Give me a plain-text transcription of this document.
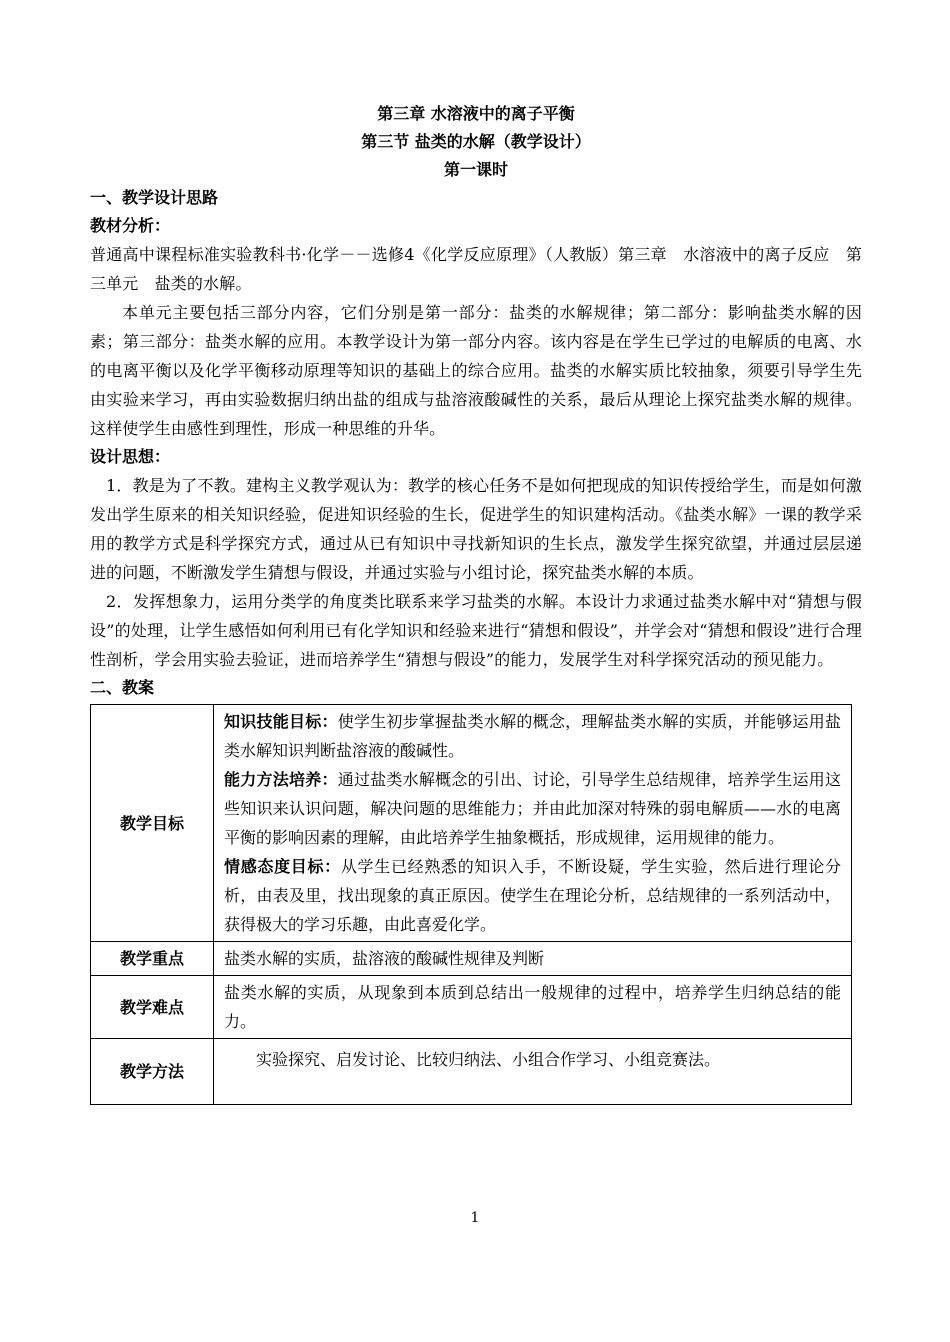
第三章 水溶液中的离子平衡
第三节 盐类的水解（教学设计）
第一课时
一、教学设计思路
教材分析：

普通高中课程标准实验教科书·化学－－选修4《化学反应原理》（人教版）第三章　水溶液中的离子反应　第三单元　盐类的水解。

本单元主要包括三部分内容，它们分别是第一部分：盐类的水解规律；第二部分：影响盐类水解的因素；第三部分：盐类水解的应用。本教学设计为第一部分内容。该内容是在学生已学过的电解质的电离、水的电离平衡以及化学平衡移动原理等知识的基础上的综合应用。盐类的水解实质比较抽象，须要引导学生先由实验来学习，再由实验数据归纳出盐的组成与盐溶液酸碱性的关系，最后从理论上探究盐类水解的规律。这样使学生由感性到理性，形成一种思维的升华。

设计思想：

1．教是为了不教。建构主义教学观认为：教学的核心任务不是如何把现成的知识传授给学生，而是如何激发出学生原来的相关知识经验，促进知识经验的生长，促进学生的知识建构活动。《盐类水解》一课的教学采用的教学方式是科学探究方式，通过从已有知识中寻找新知识的生长点，激发学生探究欲望，并通过层层递进的问题，不断激发学生猜想与假设，并通过实验与小组讨论，探究盐类水解的本质。

2．发挥想象力，运用分类学的角度类比联系来学习盐类的水解。本设计力求通过盐类水解中对“猜想与假设”的处理，让学生感悟如何利用已有化学知识和经验来进行“猜想和假设”，并学会对“猜想和假设”进行合理性剖析，学会用实验去验证，进而培养学生“猜想与假设”的能力，发展学生对科学探究活动的预见能力。

二、教案
教学目标	知识技能目标：使学生初步掌握盐类水解的概念，理解盐类水解的实质，并能够运用盐类水解知识判断盐溶液的酸碱性。
能力方法培养：通过盐类水解概念的引出、讨论，引导学生总结规律，培养学生运用这些知识来认识问题，解决问题的思维能力；并由此加深对特殊的弱电解质——水的电离平衡的影响因素的理解，由此培养学生抽象概括，形成规律，运用规律的能力。
情感态度目标：从学生已经熟悉的知识入手，不断设疑，学生实验，然后进行理论分析，由表及里，找出现象的真正原因。使学生在理论分析，总结规律的一系列活动中，获得极大的学习乐趣，由此喜爱化学。

教学重点	盐类水解的实质，盐溶液的酸碱性规律及判断
教学难点	盐类水解的实质，从现象到本质到总结出一般规律的过程中，培养学生归纳总结的能力。
教学方法	实验探究、启发讨论、比较归纳法、小组合作学习、小组竞赛法。
1
